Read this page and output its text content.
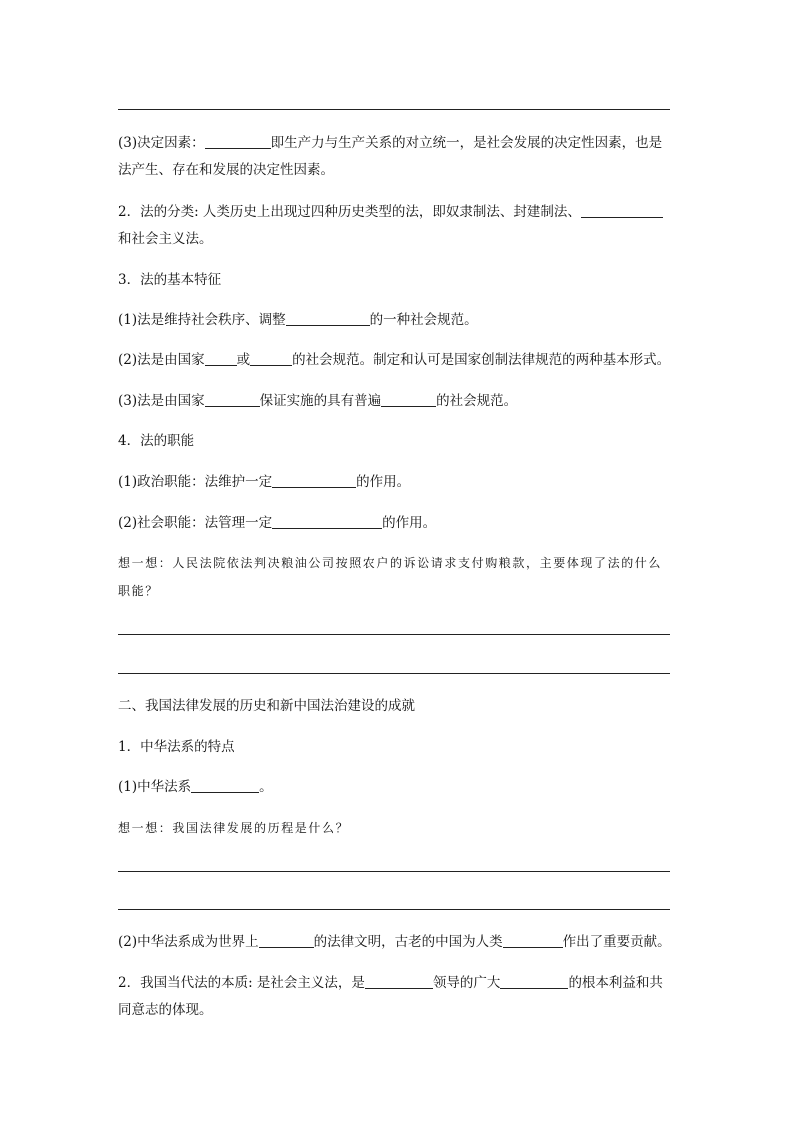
(3)决定因素：	即生产力与生产关系的对立统一，是社会发展的决定性因素，也是
法产生、存在和发展的决定性因素。
2．法的分类: 人类历史上出现过四种历史类型的法，即奴隶制法、封建制法、
和社会主义法。
3．法的基本特征
(1)法是维持社会秩序、调整	的一种社会规范。
(2)法是由国家 或	的社会规范。制定和认可是国家创制法律规范的两种基本形式。
(3)法是由国家	保证实施的具有普遍	的社会规范。
4．法的职能
(1)政治职能：法维护一定	的作用。
(2)社会职能：法管理一定	的作用。
想一想：人民法院依法判决粮油公司按照农户的诉讼请求支付购粮款，主要体现了法的什么
职能？
二、我国法律发展的历史和新中国法治建设的成就
1．中华法系的特点
(1)中华法系	。
想一想：我国法律发展的历程是什么？
(2)中华法系成为世界上	的法律文明，古老的中国为人类	作出了重要贡献。
2．我国当代法的本质: 是社会主义法，是	领导的广大	的根本利益和共
同意志的体现。
